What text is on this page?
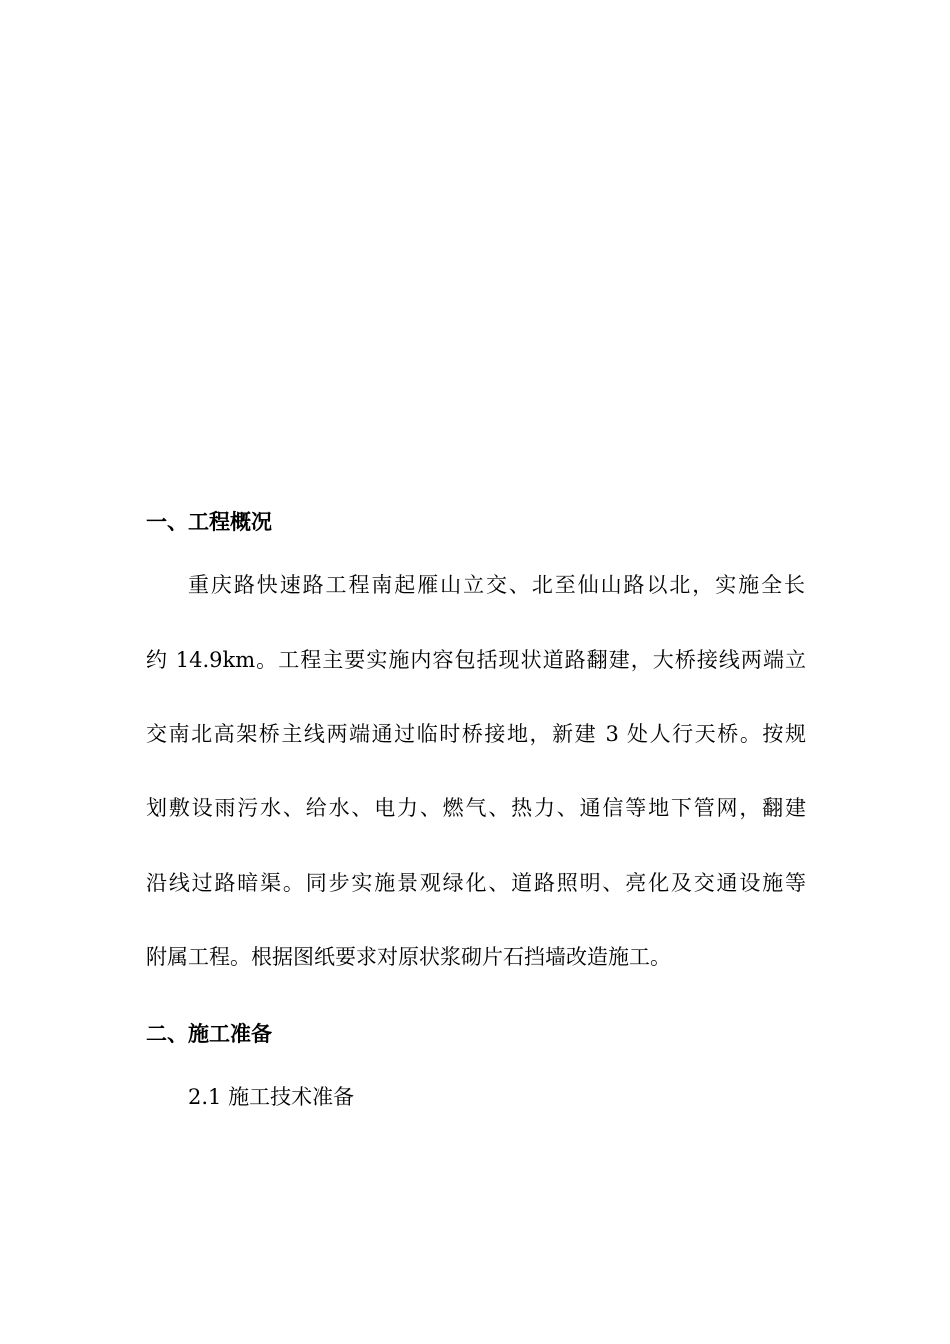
一、工程概况
重庆路快速路工程南起雁山立交、北至仙山路以北，实施全长
约 14.9km。工程主要实施内容包括现状道路翻建，大桥接线两端立
交南北高架桥主线两端通过临时桥接地，新建 3 处人行天桥。按规
划敷设雨污水、给水、电力、燃气、热力、通信等地下管网，翻建
沿线过路暗渠。同步实施景观绿化、道路照明、亮化及交通设施等
附属工程。根据图纸要求对原状浆砌片石挡墙改造施工。
二、施工准备
2.1 施工技术准备
